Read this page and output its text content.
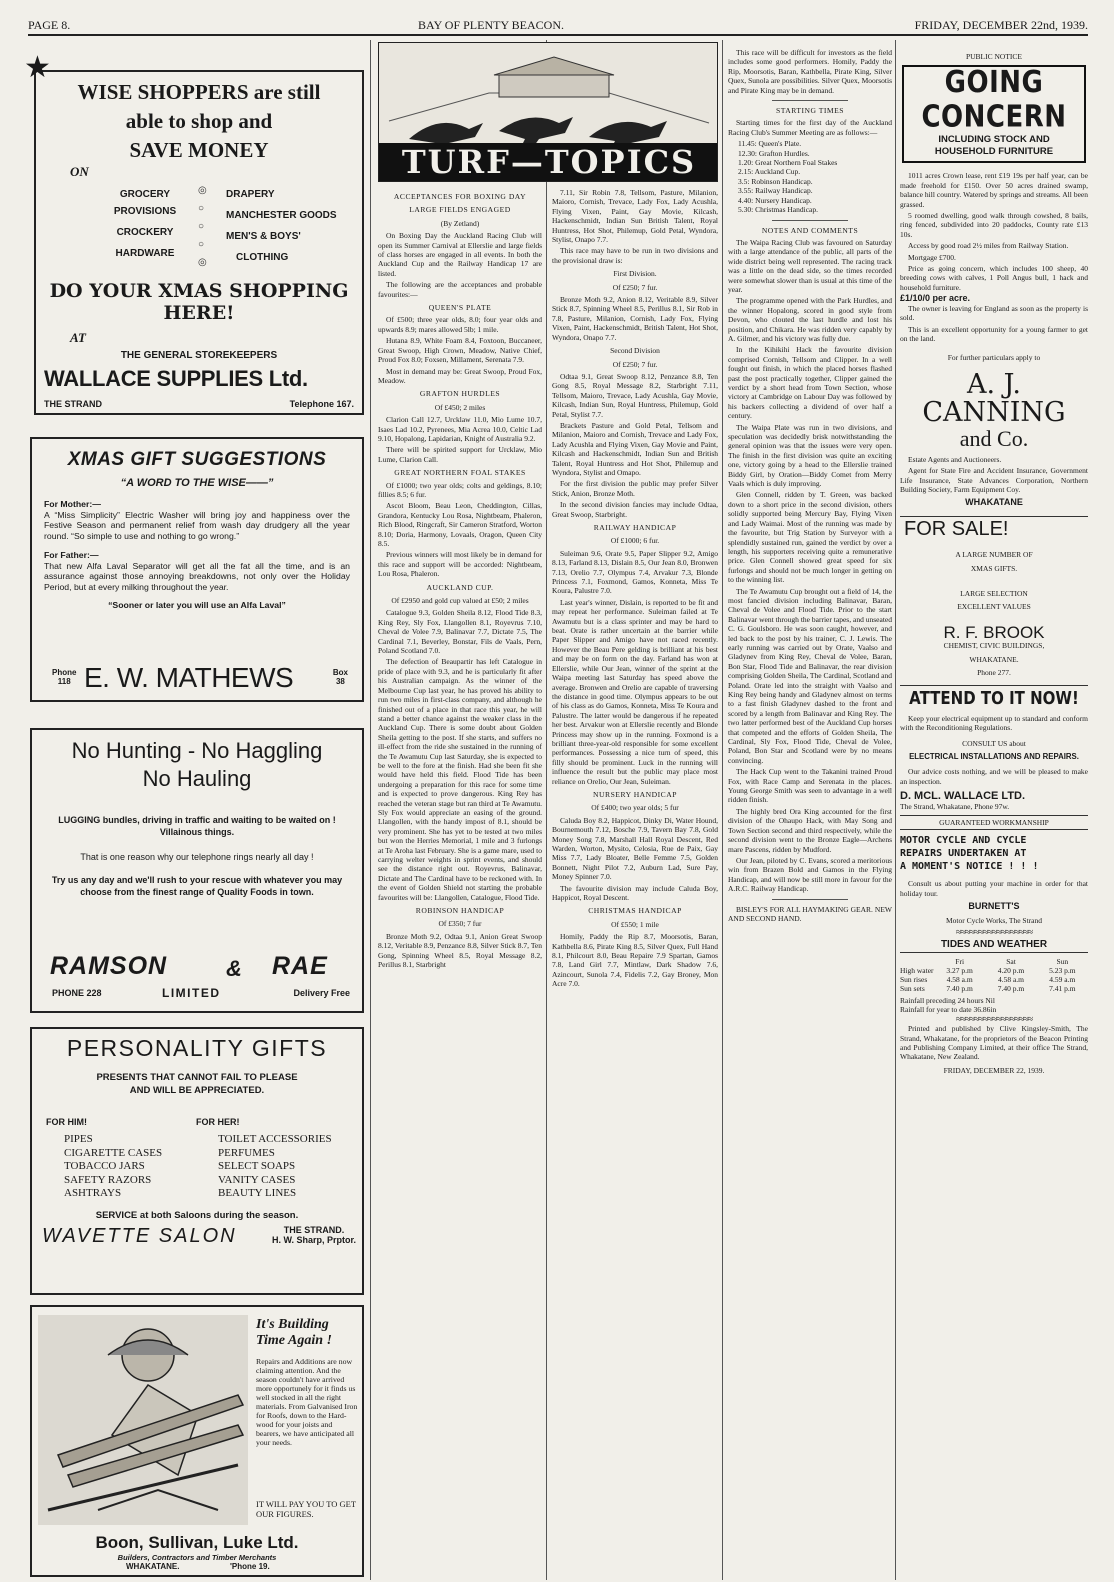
PAGE 8.	BAY OF PLENTY BEACON.	FRIDAY, DECEMBER 22nd, 1939.
★
WISE SHOPPERS are still
able to shop and
SAVE MONEY
ON
GROCERY
PROVISIONS
CROCKERY
HARDWARE
◎
○
○
○
◎
DRAPERY
MANCHESTER GOODS
MEN'S & BOYS'
CLOTHING
DO YOUR XMAS SHOPPING
HERE!
AT
THE GENERAL STOREKEEPERS
WALLACE SUPPLIES Ltd.
THE STRAND	Telephone 167.
XMAS GIFT SUGGESTIONS
“A WORD TO THE WISE——”
For Mother:—
A “Miss Simplicity” Electric Washer will bring joy and happiness over the Festive Season and permanent relief from wash day drudgery all the year round. “So simple to use and nothing to go wrong.”
For Father:—
That new Alfa Laval Separator will get all the fat all the time, and is an assurance against those annoying breakdowns, not only over the Holiday Period, but at every milking throughout the year.
“Sooner or later you will use an Alfa Laval”
Phone
118 E. W. MATHEWS	Box
38
No Hunting - No Haggling
No Hauling
LUGGING bundles, driving in traffic and waiting to be waited on ! Villainous things.
That is one reason why our telephone rings nearly all day !
Try us any day and we'll rush to your rescue with whatever you may choose from the finest range of Quality Foods in town.
RAMSON	& RAE
PHONE 228	LIMITED	Delivery Free
PERSONALITY GIFTS
PRESENTS THAT CANNOT FAIL TO PLEASE
AND WILL BE APPRECIATED.
FOR HIM!	FOR HER!
PIPES
CIGARETTE CASES
TOBACCO JARS
SAFETY RAZORS
ASHTRAYS
TOILET ACCESSORIES
PERFUMES
SELECT SOAPS
VANITY CASES
BEAUTY LINES
SERVICE at both Saloons during the season.
WAVETTE SALON	THE STRAND.
H. W. Sharp, Prptor.
It's Building
Time Again !
Repairs and Additions are now claiming attention. And the season couldn't have arrived more opportunely for it finds us well stocked in all the right materials. From Galvanised Iron for Roofs, down to the Hard-wood for your joists and bearers, we have anticipated all your needs.
IT WILL PAY YOU TO GET OUR FIGURES.
Boon, Sullivan, Luke Ltd.
Builders, Contractors and Timber Merchants
WHAKATANE.	'Phone 19.
TURF—TOPICS
ACCEPTANCES FOR BOXING DAY
LARGE FIELDS ENGAGED
(By Zetland)

On Boxing Day the Auckland Racing Club will open its Summer Carnival at Ellerslie and large fields of class horses are engaged in all events. In both the Auckland Cup and the Railway Handicap 17 are listed.

The following are the acceptances and probable favourites:—

QUEEN'S PLATE

Of £500; three year olds, 8.0; four year olds and upwards 8.9; mares allowed 5lb; 1 mile.

Hutana 8.9, White Foam 8.4, Foxtoon, Buccaneer, Great Swoop, High Crown, Meadow, Native Chief, Proud Fox 8.0; Foxsen, Millament, Serenata 7.9.

Most in demand may be: Great Swoop, Proud Fox, Meadow.

GRAFTON HURDLES
Of £450; 2 miles

Clarion Call 12.7, Urcklaw 11.0, Mio Lume 10.7, Isaes Lad 10.2, Pyrenees, Mia Acrea 10.0, Celtic Lad 9.10, Hopalong, Lapidarian, Knight of Australia 9.2.

There will be spirited support for Urcklaw, Mio Lume, Clarion Call.

GREAT NORTHERN FOAL STAKES

Of £1000; two year olds; colts and geldings, 8.10; fillies 8.5; 6 fur.

Ascot Bloom, Beau Leon, Cheddington, Cillas, Grandora, Kentucky Lou Rosa, Nightbeam, Phaleron, Rich Blood, Ringcraft, Sir Cameron Stratford, Worton 8.10; Doria, Harmony, Lovaals, Oragon, Queen City 8.5.

Previous winners will most likely be in demand for this race and support will be accorded: Nightbeam, Lou Rosa, Phaleron.

AUCKLAND CUP.
Of £2950 and gold cup valued at £50; 2 miles

Catalogue 9.3, Golden Sheila 8.12, Flood Tide 8.3, King Rey, Sly Fox, Llangollen 8.1, Royevrus 7.10, Cheval de Volee 7.9, Balinavar 7.7, Dictate 7.5, The Cardinal 7.1, Beverley, Bonstar, Fils de Vaals, Pern, Poland Scotland 7.0.

The defection of Beaupartir has left Catalogue in pride of place with 9.3, and he is particularly fit after his Australian campaign. As the winner of the Melbourne Cup last year, he has proved his ability to run two miles in first-class company, and although he finished out of a place in that race this year, he will stand a better chance against the weaker class in the Auckland Cup. There is some doubt about Golden Sheila getting to the post. If she starts, and suffers no ill-effect from the ride she sustained in the running of the Te Awamutu Cup last Saturday, she is expected to be well to the fore at the finish. Had she been fit she would have held this field. Flood Tide has been undergoing a preparation for this race for some time and is expected to prove dangerous. King Rey has reached the veteran stage but ran third at Te Awamutu. Sly Fox would appreciate an easing of the ground. Llangollen, with the handy impost of 8.1, should be very prominent. She has yet to be tested at two miles but won the Herries Memorial, 1 mile and 3 furlongs at Te Aroha last February. She is a game mare, used to carrying welter weights in sprint events, and should see the distance right out. Royevrus, Balinavar, Dictate and The Cardinal have to be reckoned with. In the event of Golden Shield not starting the probable favourites will be: Llangollen, Catalogue, Flood Tide.

ROBINSON HANDICAP
Of £350; 7 fur

Bronze Moth 9.2, Odtaa 9.1, Anion Great Swoop 8.12, Veritable 8.9, Penzance 8.8, Silver Stick 8.7, Ten Gong, Spinning Wheel 8.5, Royal Message 8.2, Perillus 8.1, Starbright

7.11, Sir Robin 7.8, Tellsom, Pasture, Milanion, Maioro, Cornish, Trevace, Lady Fox, Lady Acushla, Flying Vixen, Paint, Gay Movie, Kilcash, Hackenschmidt, Indian Sun British Talent, Royal Huntress, Hot Shot, Philemup, Gold Petal, Wyndora, Stylist, Onapo 7.7.

This race may have to be run in two divisions and the provisional draw is:

First Division.
Of £250; 7 fur.

Bronze Moth 9.2, Anion 8.12, Veritable 8.9, Silver Stick 8.7, Spinning Wheel 8.5, Perillus 8.1, Sir Rob in 7.8, Pasture, Milanion, Cornish, Lady Fox, Flying Vixen, Paint, Hackenschmidt, British Talent, Hot Shot, Wyndora, Onapo 7.7.

Second Division
Of £250; 7 fur.

Odtaa 9.1, Great Swoop 8.12, Penzance 8.8, Ten Gong 8.5, Royal Message 8.2, Starbright 7.11, Tellsom, Maioro, Trevace, Lady Acushla, Gay Movie, Kilcash, Indian Sun, Royal Huntress, Philemup, Gold Petal, Stylist 7.7.

Brackets Pasture and Gold Petal, Tellsom and Milanion, Maioro and Cornish, Trevace and Lady Fox, Lady Acushla and Flying Vixen, Gay Movie and Paint, Kilcash and Hackenschmidt, Indian Sun and British Talent, Royal Huntress and Hot Shot, Philemup and Wyndora, Stylist and Omapo.

For the first division the public may prefer Silver Stick, Anion, Bronze Moth.

In the second division fancies may include Odtaa, Great Swoop, Starbright.

RAILWAY HANDICAP
Of £1000; 6 fur.

Suleiman 9.6, Orate 9.5, Paper Slipper 9.2, Amigo 8.13, Farland 8.13, Dislain 8.5, Our Jean 8.0, Bronwen 7.13, Orelio 7.7, Olympus 7.4, Arvakur 7.3, Blonde Princess 7.1, Foxmond, Gamos, Konneta, Miss Te Koura, Palustre 7.0.

Last year's winner, Dislain, is reported to be fit and may repeat her performance. Suleiman failed at Te Awamutu but is a class sprinter and may be hard to beat. Orate is rather uncertain at the barrier while Paper Slipper and Amigo have not raced recently. However the Beau Pere gelding is brilliant at his best and may be on form on the day. Farland has won at Ellerslie, while Our Jean, winner of the sprint at the Waipa meeting last Saturday has speed above the average. Bronwen and Orelio are capable of traversing the distance in good time. Olympus appears to be out of his class as do Gamos, Konneta, Miss Te Koura and Palustre. The latter would be dangerous if he repeated her best. Arvakur won at Ellerslie recently and Blonde Princess may show up in the running. Foxmond is a brilliant three-year-old responsible for some excellent performances. Possessing a nice turn of speed, this filly should be prominent. Luck in the running will influence the result but the public may place most reliance on Orelio, Our Jean, Suleiman.

NURSERY HANDICAP
Of £400; two year olds; 5 fur

Caluda Boy 8.2, Happicot, Dinky Di, Water Hound, Bournemouth 7.12, Bosche 7.9, Tavern Bay 7.8, Gold Money Song 7.8, Marshall Hall Royal Descent, Red Warden, Worton, Mysito, Celosia, Rue de Paix, Gay Miss 7.7, Lady Bloater, Belle Femme 7.5, Golden Bonnett, Night Pilot 7.2, Auburn Lad, Sure Pay, Money Spinner 7.0.

The favourite division may include Caluda Boy, Happicot, Royal Descent.

CHRISTMAS HANDICAP
Of £550; 1 mile

Homily, Paddy the Rip 8.7, Moorsotis, Baran, Kathbella 8.6, Pirate King 8.5, Silver Quex, Full Hand 8.1, Philcourt 8.0, Beau Repaire 7.9 Spartan, Gamos 7.8, Land Girl 7.7, Mintlaw, Dark Shadow 7.6, Azincourt, Sunola 7.4, Fidelis 7.2, Gay Broney, Mon Acre 7.0.

This race will be difficult for investors as the field includes some good performers. Homily, Paddy the Rip, Moorsotis, Baran, Kathbella, Pirate King, Silver Quex, Sunola are possibilities. Silver Quex, Moorsotis and Pirate King may be in demand.

STARTING TIMES

Starting times for the first day of the Auckland Racing Club's Summer Meeting are as follows:—

11.45: Queen's Plate.
12.30: Grafton Hurdles.
1.20: Great Northern Foal Stakes
2.15: Auckland Cup.
3.5: Robinson Handicap.
3.55: Railway Handicap.
4.40: Nursery Handicap.
5.30: Christmas Handicap.
NOTES AND COMMENTS

The Waipa Racing Club was favoured on Saturday with a large attendance of the public, all parts of the wide district being well represented. The racing track was a little on the dead side, so the times recorded were somewhat slower than is usual at this time of the year.

The programme opened with the Park Hurdles, and the winner Hopalong, scored in good style from Devon, who clouted the last hurdle and lost his position, and Chikara. He was ridden very capably by A. Gilmer, and his victory was fully due.

In the Kihikihi Hack the favourite division comprised Cornish, Tellsom and Clipper. In a well fought out finish, in which the placed horses flashed past the post practically together, Clipper gained the verdict by a short head from Town Section, whose victory at Cambridge on Labour Day was followed by his backers collecting a dividend of over half a century.

The Waipa Plate was run in two divisions, and speculation was decidedly brisk notwithstanding the general opinion was that the issues were very open. The finish in the first division was quite an exciting one, victory going by a head to the Ellerslie trained Biddy Girl, by Oration—Biddy Comet from Merry Vaals which is duly improving.

Glen Connell, ridden by T. Green, was backed down to a short price in the second division, others solidly supported being Mercury Bay, Flying Vixen and Lady Waimai. Most of the running was made by the favourite, but Trig Station by Surveyor with a splendidly sustained run, gained the verdict by over a length, his supporters receiving quite a remunerative price. Glen Connell showed great speed for six furlongs and should not be much longer in getting on to the winning list.

The Te Awamutu Cup brought out a field of 14, the most fancied division including Balinavar, Baran, Cheval de Volee and Flood Tide. Prior to the start Balinavar went through the barrier tapes, and unseated C. G. Goulsboro. He was soon caught, however, and led back to the post by his trainer, C. J. Lewis. The early running was carried out by Orate, Vaalso and Gladynev from King Rey, Cheval de Volee, Baran, Bon Star, Flood Tide and Balinavar, the rear division comprising Golden Sheila, The Cardinal, Scotland and Poland. Orate led into the straight with Vaalso and King Rey being handy and Gladynev almost on terms to a fast finish Gladynev dashed to the front and scored by a length from Balinavar and King Rey. The two latter performed best of the Auckland Cup horses that competed and the efforts of Golden Sheila, The Cardinal, Sly Fox, Flood Tide, Cheval de Volee, Poland, Bon Star and Scotland were by no means convincing.

The Hack Cup went to the Takanini trained Proud Fox, with Race Camp and Serenata in the places. Young George Smith was seen to advantage in a well ridden finish.

The highly bred Ora King accounted for the first division of the Ohaupo Hack, with May Song and Town Section second and third respectively, while the second division went to the Bronze Eagle—Archens mare Pascens, ridden by Mudford.

Our Jean, piloted by C. Evans, scored a meritorious win from Brazen Bold and Gamos in the Flying Handicap, and will now be still more in favour for the A.R.C. Railway Handicap.

BISLEY'S FOR ALL HAYMAKING GEAR. NEW AND SECOND HAND.

PUBLIC NOTICE
GOING CONCERN
INCLUDING STOCK AND
HOUSEHOLD FURNITURE

1011 acres Crown lease, rent £19 19s per half year, can be made freehold for £150. Over 50 acres drained swamp, balance hill country. Watered by springs and streams. All been grassed.

5 roomed dwelling, good walk through cowshed, 8 bails, ring fenced, subdivided into 20 paddocks, County rate £13 10s.

Access by good road 2½ miles from Railway Station.

Mortgage £700.

Price as going concern, which includes 100 sheep, 40 breeding cows with calves, 1 Poll Angus bull, 1 hack and household furniture.

£1/10/0 per acre.

The owner is leaving for England as soon as the property is sold.

This is an excellent opportunity for a young farmer to get on the land.

For further particulars apply to
A. J. CANNING
and Co.

Estate Agents and Auctioneers.

Agent for State Fire and Accident Insurance, Government Life Insurance, State Advances Corporation, Northern Building Society, Farm Equipment Coy.

WHAKATANE
FOR SALE!
A LARGE NUMBER OF
XMAS GIFTS.
LARGE SELECTION
EXCELLENT VALUES
R. F. BROOK
CHEMIST, CIVIC BUILDINGS,
WHAKATANE.
Phone 277.
ATTEND TO IT NOW!

Keep your electrical equipment up to standard and conform with the Reconditioning Regulations.

CONSULT US about
ELECTRICAL INSTALLATIONS AND REPAIRS.

Our advice costs nothing, and we will be pleased to make an inspection.

D. MCL. WALLACE LTD.
The Strand, Whakatane, Phone 97w.
GUARANTEED WORKMANSHIP
MOTOR CYCLE AND CYCLE
REPAIRS UNDERTAKEN AT
A MOMENT'S NOTICE ! ! !

Consult us about putting your machine in order for that holiday tour.

BURNETT'S
Motor Cycle Works, The Strand
≈≈≈≈≈≈≈≈≈≈≈≈≈≈≈≈≈
TIDES AND WEATHER
	Fri	Sat	Sun
High water	3.27 p.m	4.20 p.m	5.23 p.m
Sun rises	4.58 a.m	4.58 a.m	4.59 a.m
Sun sets	7.40 p.m	7.40 p.m	7.41 p.m
Rainfall preceding 24 hours Nil
Rainfall for year to date 36.86in
≈≈≈≈≈≈≈≈≈≈≈≈≈≈≈≈≈

Printed and published by Clive Kingsley-Smith, The Strand, Whakatane, for the proprietors of the Beacon Printing and Publishing Company Limited, at their office The Strand, Whakatane, New Zealand.

FRIDAY, DECEMBER 22, 1939.
